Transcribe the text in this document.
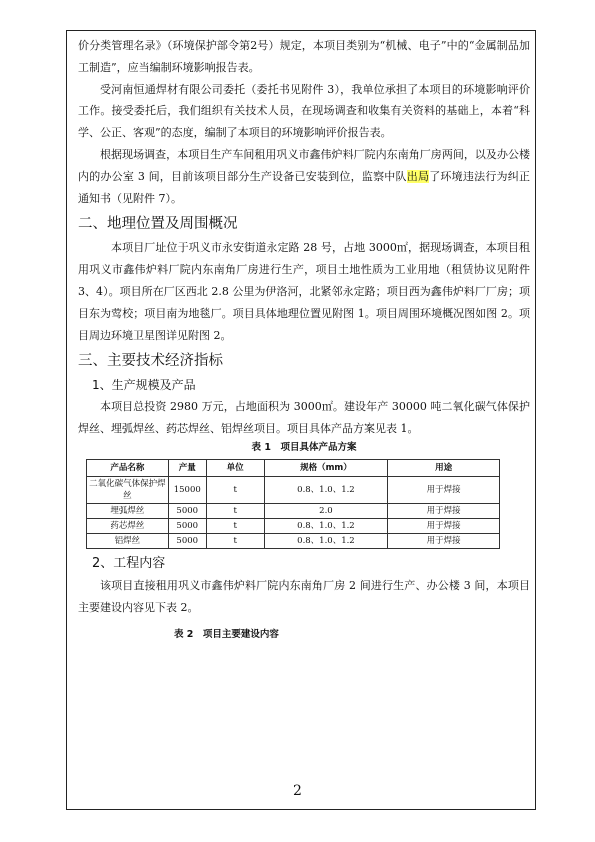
价分类管理名录》（环境保护部令第2号）规定，本项目类别为“机械、电子”中的“金属制品加工制造”，应当编制环境影响报告表。

受河南恒通焊材有限公司委托（委托书见附件 3），我单位承担了本项目的环境影响评价工作。接受委托后，我们组织有关技术人员，在现场调查和收集有关资料的基础上，本着“科学、公正、客观”的态度，编制了本项目的环境影响评价报告表。

根据现场调查，本项目生产车间租用巩义市鑫伟炉料厂院内东南角厂房两间，以及办公楼内的办公室 3 间，目前该项目部分生产设备已安装到位，监察中队出局了环境违法行为纠正通知书（见附件 7）。

二、地理位置及周围概况

本项目厂址位于巩义市永安街道永定路 28 号，占地 3000㎡，据现场调查，本项目租用巩义市鑫伟炉料厂院内东南角厂房进行生产，项目土地性质为工业用地（租赁协议见附件 3、4）。项目所在厂区西北 2.8 公里为伊洛河，北紧邻永定路；项目西为鑫伟炉料厂厂房；项目东为莺校；项目南为地毯厂。项目具体地理位置见附图 1。项目周围环境概况图如图 2。项目周边环境卫星图详见附图 2。

三、主要技术经济指标
1、生产规模及产品

本项目总投资 2980 万元，占地面积为 3000㎡。建设年产 30000 吨二氧化碳气体保护焊丝、埋弧焊丝、药芯焊丝、铝焊丝项目。项目具体产品方案见表 1。

表 1　项目具体产品方案
产品名称	产量	单位	规格（mm）	用途
二氧化碳气体保护焊丝	15000	t	0.8、1.0、1.2	用于焊接
埋弧焊丝	5000	t	2.0	用于焊接
药芯焊丝	5000	t	0.8、1.0、1.2	用于焊接
铝焊丝	5000	t	0.8、1.0、1.2	用于焊接
2、工程内容

该项目直接租用巩义市鑫伟炉料厂院内东南角厂房 2 间进行生产、办公楼 3 间，本项目主要建设内容见下表 2。

表 2　项目主要建设内容
2
